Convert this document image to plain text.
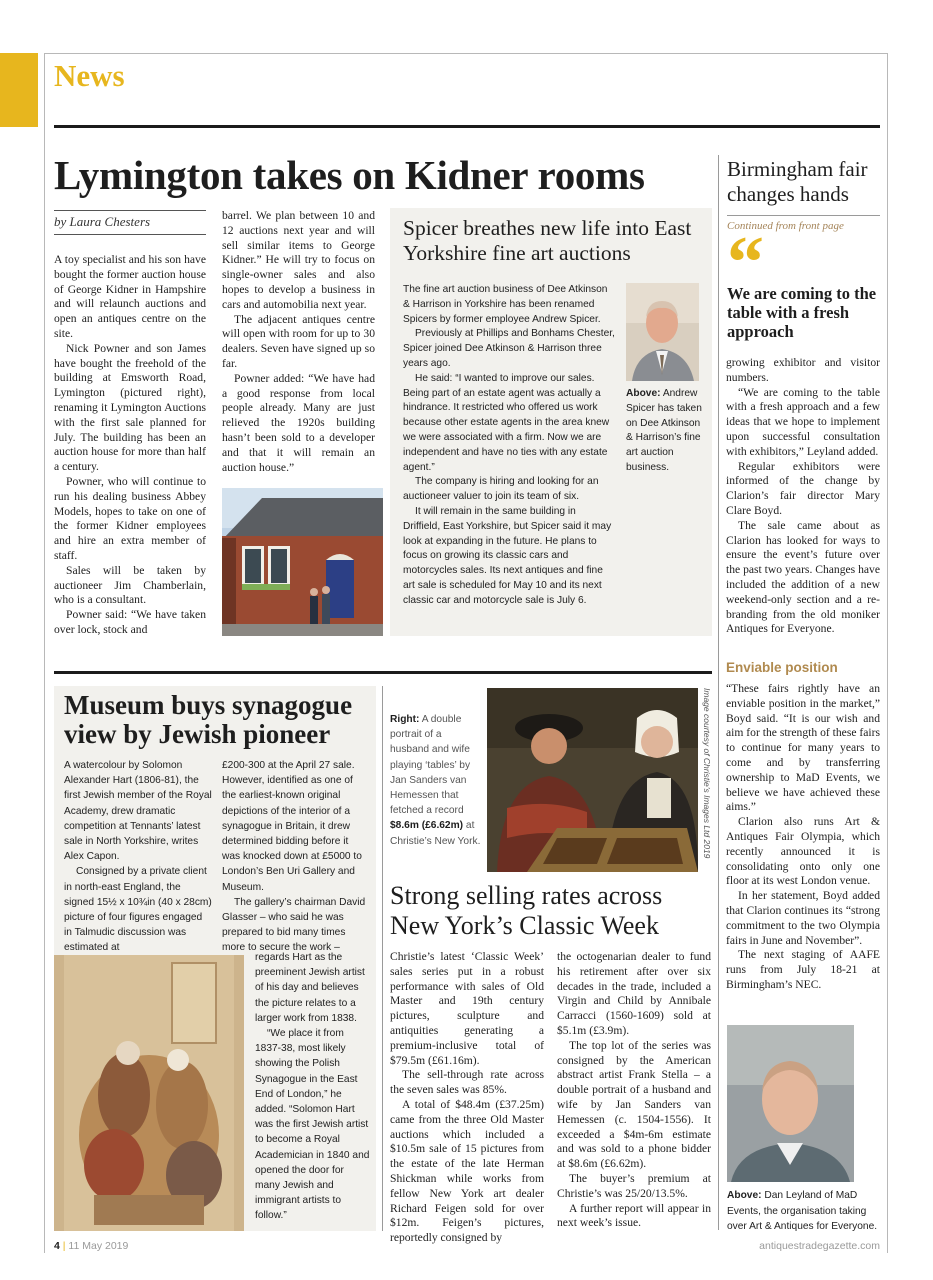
News
Lymington takes on Kidner rooms
by Laura Chesters

A toy specialist and his son have bought the former auction house of George Kidner in Hampshire and will relaunch auctions and open an antiques centre on the site.

Nick Powner and son James have bought the freehold of the building at Emsworth Road, Lymington (pictured right), renaming it Lymington Auctions with the first sale planned for July. The building has been an auction house for more than half a century.

Powner, who will continue to run his dealing business Abbey Models, hopes to take on one of the former Kidner employees and hire an extra member of staff.

Sales will be taken by auctioneer Jim Chamberlain, who is a consultant.

Powner said: “We have taken over lock, stock and

barrel. We plan between 10 and 12 auctions next year and will sell similar items to George Kidner.” He will try to focus on single-owner sales and also hopes to develop a business in cars and automobilia next year.

The adjacent antiques centre will open with room for up to 30 dealers. Seven have signed up so far.

Powner added: “We have had a good response from local people already. Many are just relieved the 1920s building hasn’t been sold to a developer and that it will remain an auction house.”

Spicer breathes new life into East Yorkshire fine art auctions

The fine art auction business of Dee Atkinson & Harrison in Yorkshire has been renamed Spicers by former employee Andrew Spicer.

Previously at Phillips and Bonhams Chester, Spicer joined Dee Atkinson & Harrison three years ago.

He said: “I wanted to improve our sales. Being part of an estate agent was actually a hindrance. It restricted who offered us work because other estate agents in the area knew we were associated with a firm. Now we are independent and have no ties with any estate agent.”

The company is hiring and looking for an auctioneer valuer to join its team of six.

It will remain in the same building in Driffield, East Yorkshire, but Spicer said it may look at expanding in the future. He plans to focus on growing its classic cars and motorcycles sales. Its next antiques and fine art sale is scheduled for May 10 and its next classic car and motorcycle sale is July 6.

Above: Andrew Spicer has taken on Dee Atkinson & Harrison’s fine art auction business.
Birmingham fair changes hands
Continued from front page
“
We are coming to the table with a fresh approach

growing exhibitor and visitor numbers.

“We are coming to the table with a fresh approach and a few ideas that we hope to implement upon successful consultation with exhibitors,” Leyland added.

Regular exhibitors were informed of the change by Clarion’s fair director Mary Clare Boyd.

The sale came about as Clarion has looked for ways to ensure the event’s future over the past two years. Changes have included the addition of a new weekend-only section and a re-branding from the old moniker Antiques for Everyone.

Enviable position

“These fairs rightly have an enviable position in the market,” Boyd said. “It is our wish and aim for the strength of these fairs to continue for many years to come and by transferring ownership to MaD Events, we believe we have achieved these aims.”

Clarion also runs Art & Antiques Fair Olympia, which recently announced it is consolidating onto only one floor at its west London venue.

In her statement, Boyd added that Clarion continues its “strong commitment to the two Olympia fairs in June and November”.

The next staging of AAFE runs from July 18-21 at Birmingham’s NEC.

Above: Dan Leyland of MaD Events, the organisation taking over Art & Antiques for Everyone.
Museum buys synagogue view by Jewish pioneer

A watercolour by Solomon Alexander Hart (1806-81), the first Jewish member of the Royal Academy, drew dramatic competition at Tennants’ latest sale in North Yorkshire, writes Alex Capon.

Consigned by a private client in north-east England, the signed 15½ x 10¾in (40 x 28cm) picture of four figures engaged in Talmudic discussion was estimated at

£200-300 at the April 27 sale. However, identified as one of the earliest-known original depictions of the interior of a synagogue in Britain, it drew determined bidding before it was knocked down at £5000 to London’s Ben Uri Gallery and Museum.

The gallery’s chairman David Glasser – who said he was prepared to bid many times more to secure the work –

regards Hart as the preeminent Jewish artist of his day and believes the picture relates to a larger work from 1838.

“We place it from 1837-38, most likely showing the Polish Synagogue in the East End of London,” he added. “Solomon Hart was the first Jewish artist to become a Royal Academician in 1840 and opened the door for many Jewish and immigrant artists to follow.”

Right: A double portrait of a husband and wife playing ‘tables’ by Jan Sanders van Hemessen that fetched a record $8.6m (£6.62m) at Christie’s New York.	Image courtesy of Christie’s Images Ltd 2019
Strong selling rates across New York’s Classic Week

Christie’s latest ‘Classic Week’ sales series put in a robust performance with sales of Old Master and 19th century pictures, sculpture and antiquities generating a premium-inclusive total of $79.5m (£61.16m).

The sell-through rate across the seven sales was 85%.

A total of $48.4m (£37.25m) came from the three Old Master auctions which included a $10.5m sale of 15 pictures from the estate of the late Herman Shickman while works from fellow New York art dealer Richard Feigen sold for over $12m. Feigen’s pictures, reportedly consigned by

the octogenarian dealer to fund his retirement after over six decades in the trade, included a Virgin and Child by Annibale Carracci (1560-1609) sold at $5.1m (£3.9m).

The top lot of the series was consigned by the American abstract artist Frank Stella – a double portrait of a husband and wife by Jan Sanders van Hemessen (c. 1504-1556). It exceeded a $4m-6m estimate and was sold to a phone bidder at $8.6m (£6.62m).

The buyer’s premium at Christie’s was 25/20/13.5%.

A further report will appear in next week’s issue.

4 | 11 May 2019	antiquestradegazette.com
